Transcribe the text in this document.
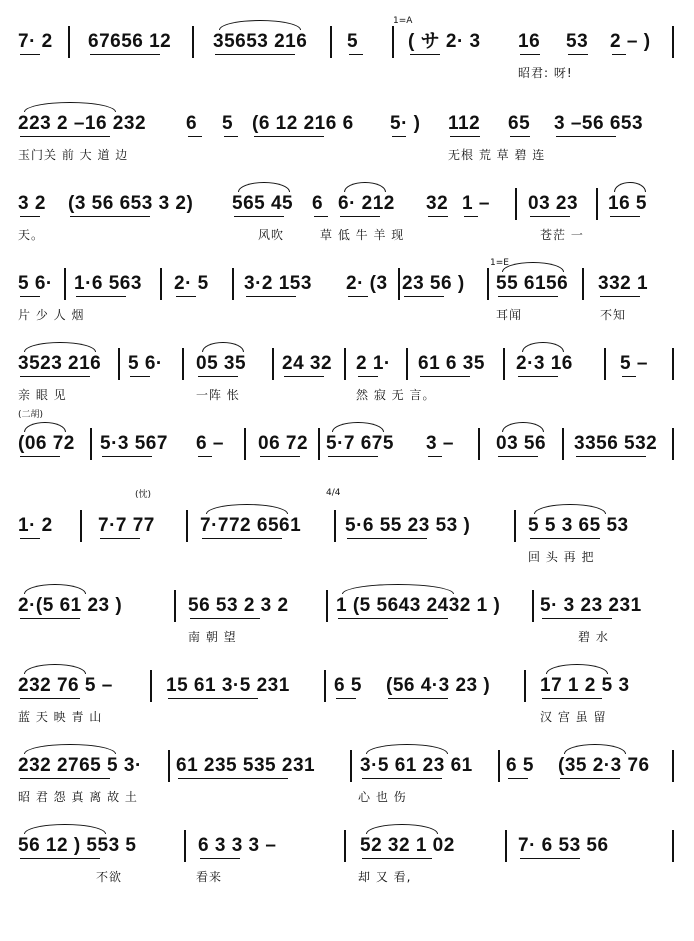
7· 2 67656 12 35653 216 5	( サ 2· 3 16 53 2 – )
昭君: 呀!
1=A
223 2 –16 232 6 5 (6 12 216 6 5· ) 112 65 3 –56 653
玉门关 前 大 道 边	无根 荒 草 碧 连
3 2 (3 56 653 3 2) 565 45 6 6· 212 32 1 – 03 23 16 5
天。	风吹	草 低 牛 羊 现	苍茫 一
5 6· 1·6 563 2· 5 3·2 153 2· (3 23 56 ) 55 6156 332 1
片 少 人 烟	耳闻	不知
1=E
3523 216 5 6· 05 35 24 32 2 1· 61 6 35 2·3 16 5 –
亲 眼 见	一阵 怅	然 寂 无 言。
(06 72 5·3 567 6 – 06 72 5·7 675 3 – 03 56 3356 532
(二胡)
1· 2 7·7 77 7·772 6561 5·6 55 23 53 )	5 5 3 65 53
回 头 再 把
(忱)	4/4
2·(5 61 23 )	56 53 2 3 2 1 (5 5643 2432 1 ) 5· 3 23 231
南 朝 望	碧 水
232 76 5 –	15 61 3·5 231 6 5 (56 4·3 23 )	17 1 2 5 3
蓝 天 映 青 山	汉 宫 虽 留
232 2765 5 3· 61 235 535 231 3·5 61 23 61 6 5 (35 2·3 76
昭 君 怨 真 离 故 土	心 也 伤
56 12 ) 553 5	6 3 3 3 –	52 32 1 02	7· 6 53 56
不欲	看来	却 又 看,
